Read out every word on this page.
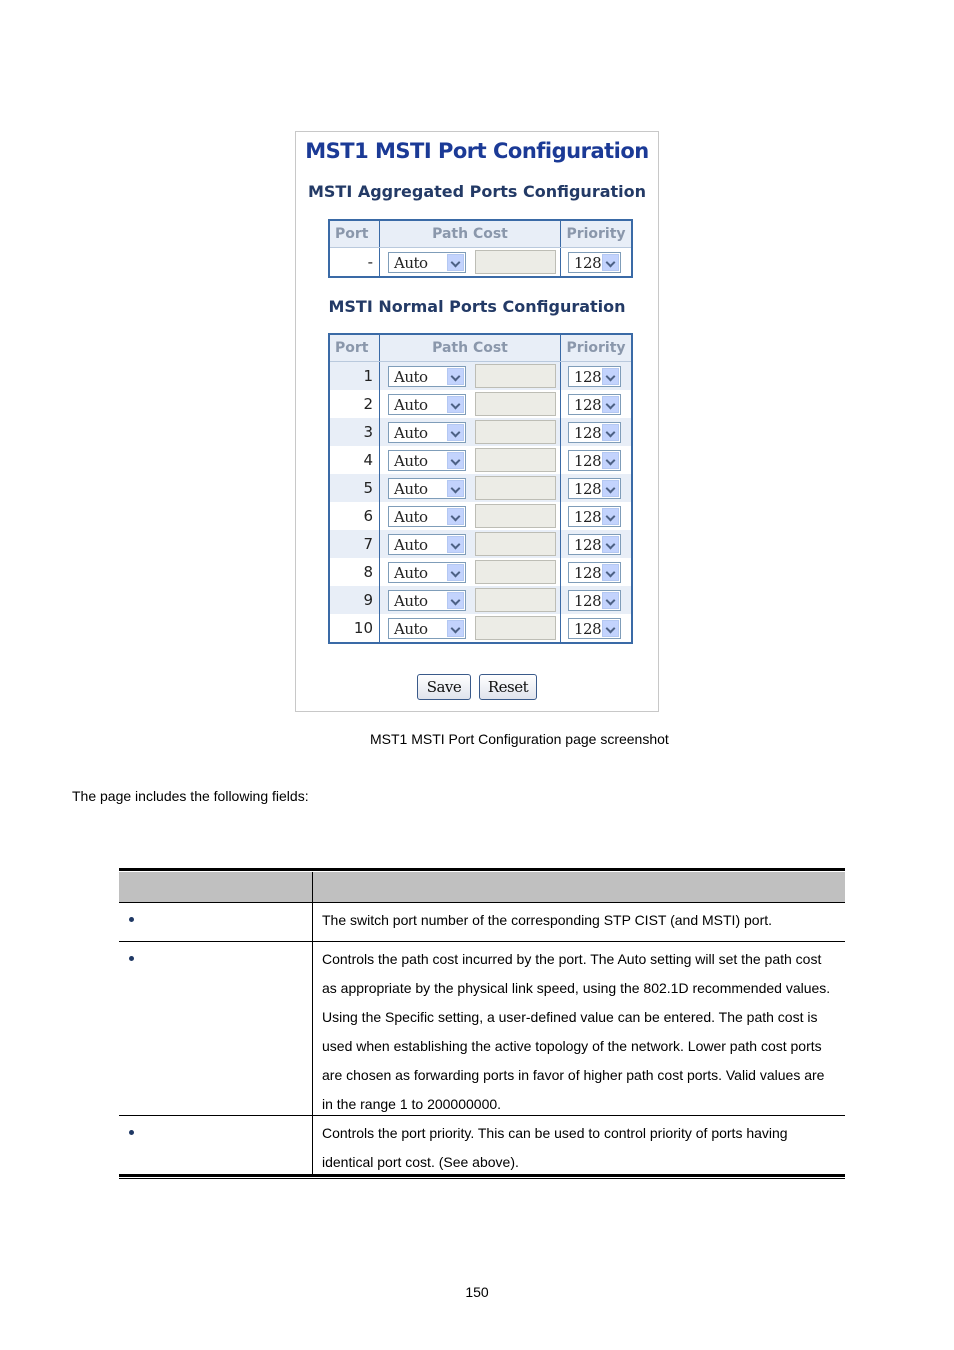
MST1 MSTI Port Configuration
MSTI Aggregated Ports Configuration
Port	Path Cost	Priority
-	Auto	128
MSTI Normal Ports Configuration
Port	Path Cost	Priority
1	Auto	128

2	Auto	128

3	Auto	128

4	Auto	128

5	Auto	128

6	Auto	128

7	Auto	128

8	Auto	128

9	Auto	128

10	Auto	128
Save	Reset
MST1 MSTI Port Configuration page screenshot
The page includes the following fields:
The switch port number of the corresponding STP CIST (and MSTI) port.
Controls the path cost incurred by the port. The Auto setting will set the path cost as appropriate by the physical link speed, using the 802.1D recommended values. Using the Specific setting, a user-defined value can be entered. The path cost is used when establishing the active topology of the network. Lower path cost ports are chosen as forwarding ports in favor of higher path cost ports. Valid values are in the range 1 to 200000000.
Controls the port priority. This can be used to control priority of ports having identical port cost. (See above).
150
